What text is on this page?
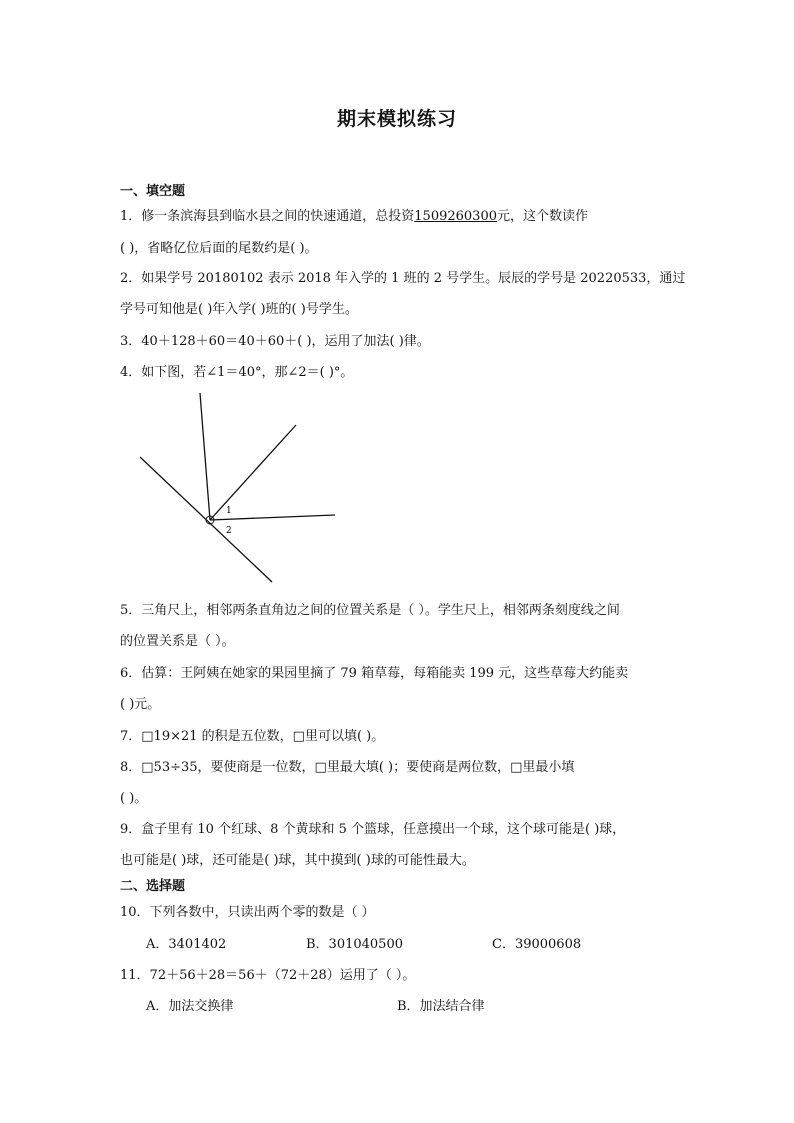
期末模拟练习
一、填空题
1．修一条滨海县到临水县之间的快速通道，总投资1509260300元，这个数读作
( )，省略亿位后面的尾数约是( )。
2．如果学号 20180102 表示 2018 年入学的 1 班的 2 号学生。辰辰的学号是 20220533，通过
学号可知他是( )年入学( )班的( )号学生。
3．40＋128＋60＝40＋60＋( )，运用了加法( )律。
4．如下图，若∠1＝40°，那∠2＝( )°。
1
2
5．三角尺上，相邻两条直角边之间的位置关系是（ ）。学生尺上，相邻两条刻度线之间
的位置关系是（ ）。
6．估算：王阿姨在她家的果园里摘了 79 箱草莓，每箱能卖 199 元，这些草莓大约能卖
( )元。
7．□19×21 的积是五位数，□里可以填( )。
8．□53÷35，要使商是一位数，□里最大填( )；要使商是两位数，□里最小填
( )。
9．盒子里有 10 个红球、8 个黄球和 5 个篮球，任意摸出一个球，这个球可能是( )球，
也可能是( )球，还可能是( )球，其中摸到( )球的可能性最大。
二、选择题
10．下列各数中，只读出两个零的数是（ ）
A．3401402	B．301040500	C．39000608
11．72＋56＋28＝56＋（72＋28）运用了（ ）。
A．加法交换律	B．加法结合律
